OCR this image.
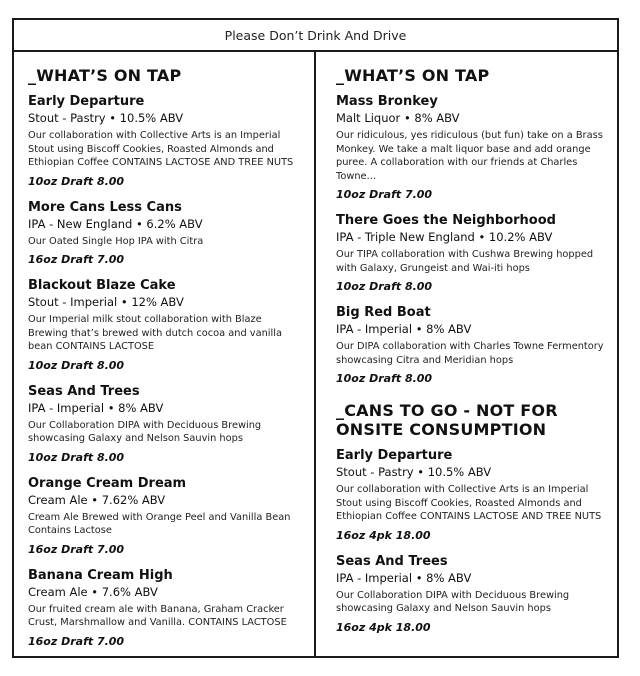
Please Don’t Drink And Drive
_WHAT’S ON TAP
Early Departure
Stout - Pastry • 10.5% ABV
Our collaboration with Collective Arts is an Imperial Stout using Biscoff Cookies, Roasted Almonds and Ethiopian Coffee CONTAINS LACTOSE AND TREE NUTS
10oz Draft 8.00
More Cans Less Cans
IPA - New England • 6.2% ABV
Our Oated Single Hop IPA with Citra
16oz Draft 7.00
Blackout Blaze Cake
Stout - Imperial • 12% ABV
Our Imperial milk stout collaboration with Blaze Brewing that’s brewed with dutch cocoa and vanilla bean CONTAINS LACTOSE
10oz Draft 8.00
Seas And Trees
IPA - Imperial • 8% ABV
Our Collaboration DIPA with Deciduous Brewing showcasing Galaxy and Nelson Sauvin hops
10oz Draft 8.00
Orange Cream Dream
Cream Ale • 7.62% ABV
Cream Ale Brewed with Orange Peel and Vanilla Bean Contains Lactose
16oz Draft 7.00
Banana Cream High
Cream Ale • 7.6% ABV
Our fruited cream ale with Banana, Graham Cracker Crust, Marshmallow and Vanilla. CONTAINS LACTOSE
16oz Draft 7.00
_WHAT’S ON TAP
Mass Bronkey
Malt Liquor • 8% ABV
Our ridiculous, yes ridiculous (but fun) take on a Brass Monkey. We take a malt liquor base and add orange puree. A collaboration with our friends at Charles Towne…
10oz Draft 7.00
There Goes the Neighborhood
IPA - Triple New England • 10.2% ABV
Our TIPA collaboration with Cushwa Brewing hopped with Galaxy, Grungeist and Wai-iti hops
10oz Draft 8.00
Big Red Boat
IPA - Imperial • 8% ABV
Our DIPA collaboration with Charles Towne Fermentory showcasing Citra and Meridian hops
10oz Draft 8.00
_CANS TO GO - NOT FOR ONSITE CONSUMPTION
Early Departure
Stout - Pastry • 10.5% ABV
Our collaboration with Collective Arts is an Imperial Stout using Biscoff Cookies, Roasted Almonds and Ethiopian Coffee CONTAINS LACTOSE AND TREE NUTS
16oz 4pk 18.00
Seas And Trees
IPA - Imperial • 8% ABV
Our Collaboration DIPA with Deciduous Brewing showcasing Galaxy and Nelson Sauvin hops
16oz 4pk 18.00
